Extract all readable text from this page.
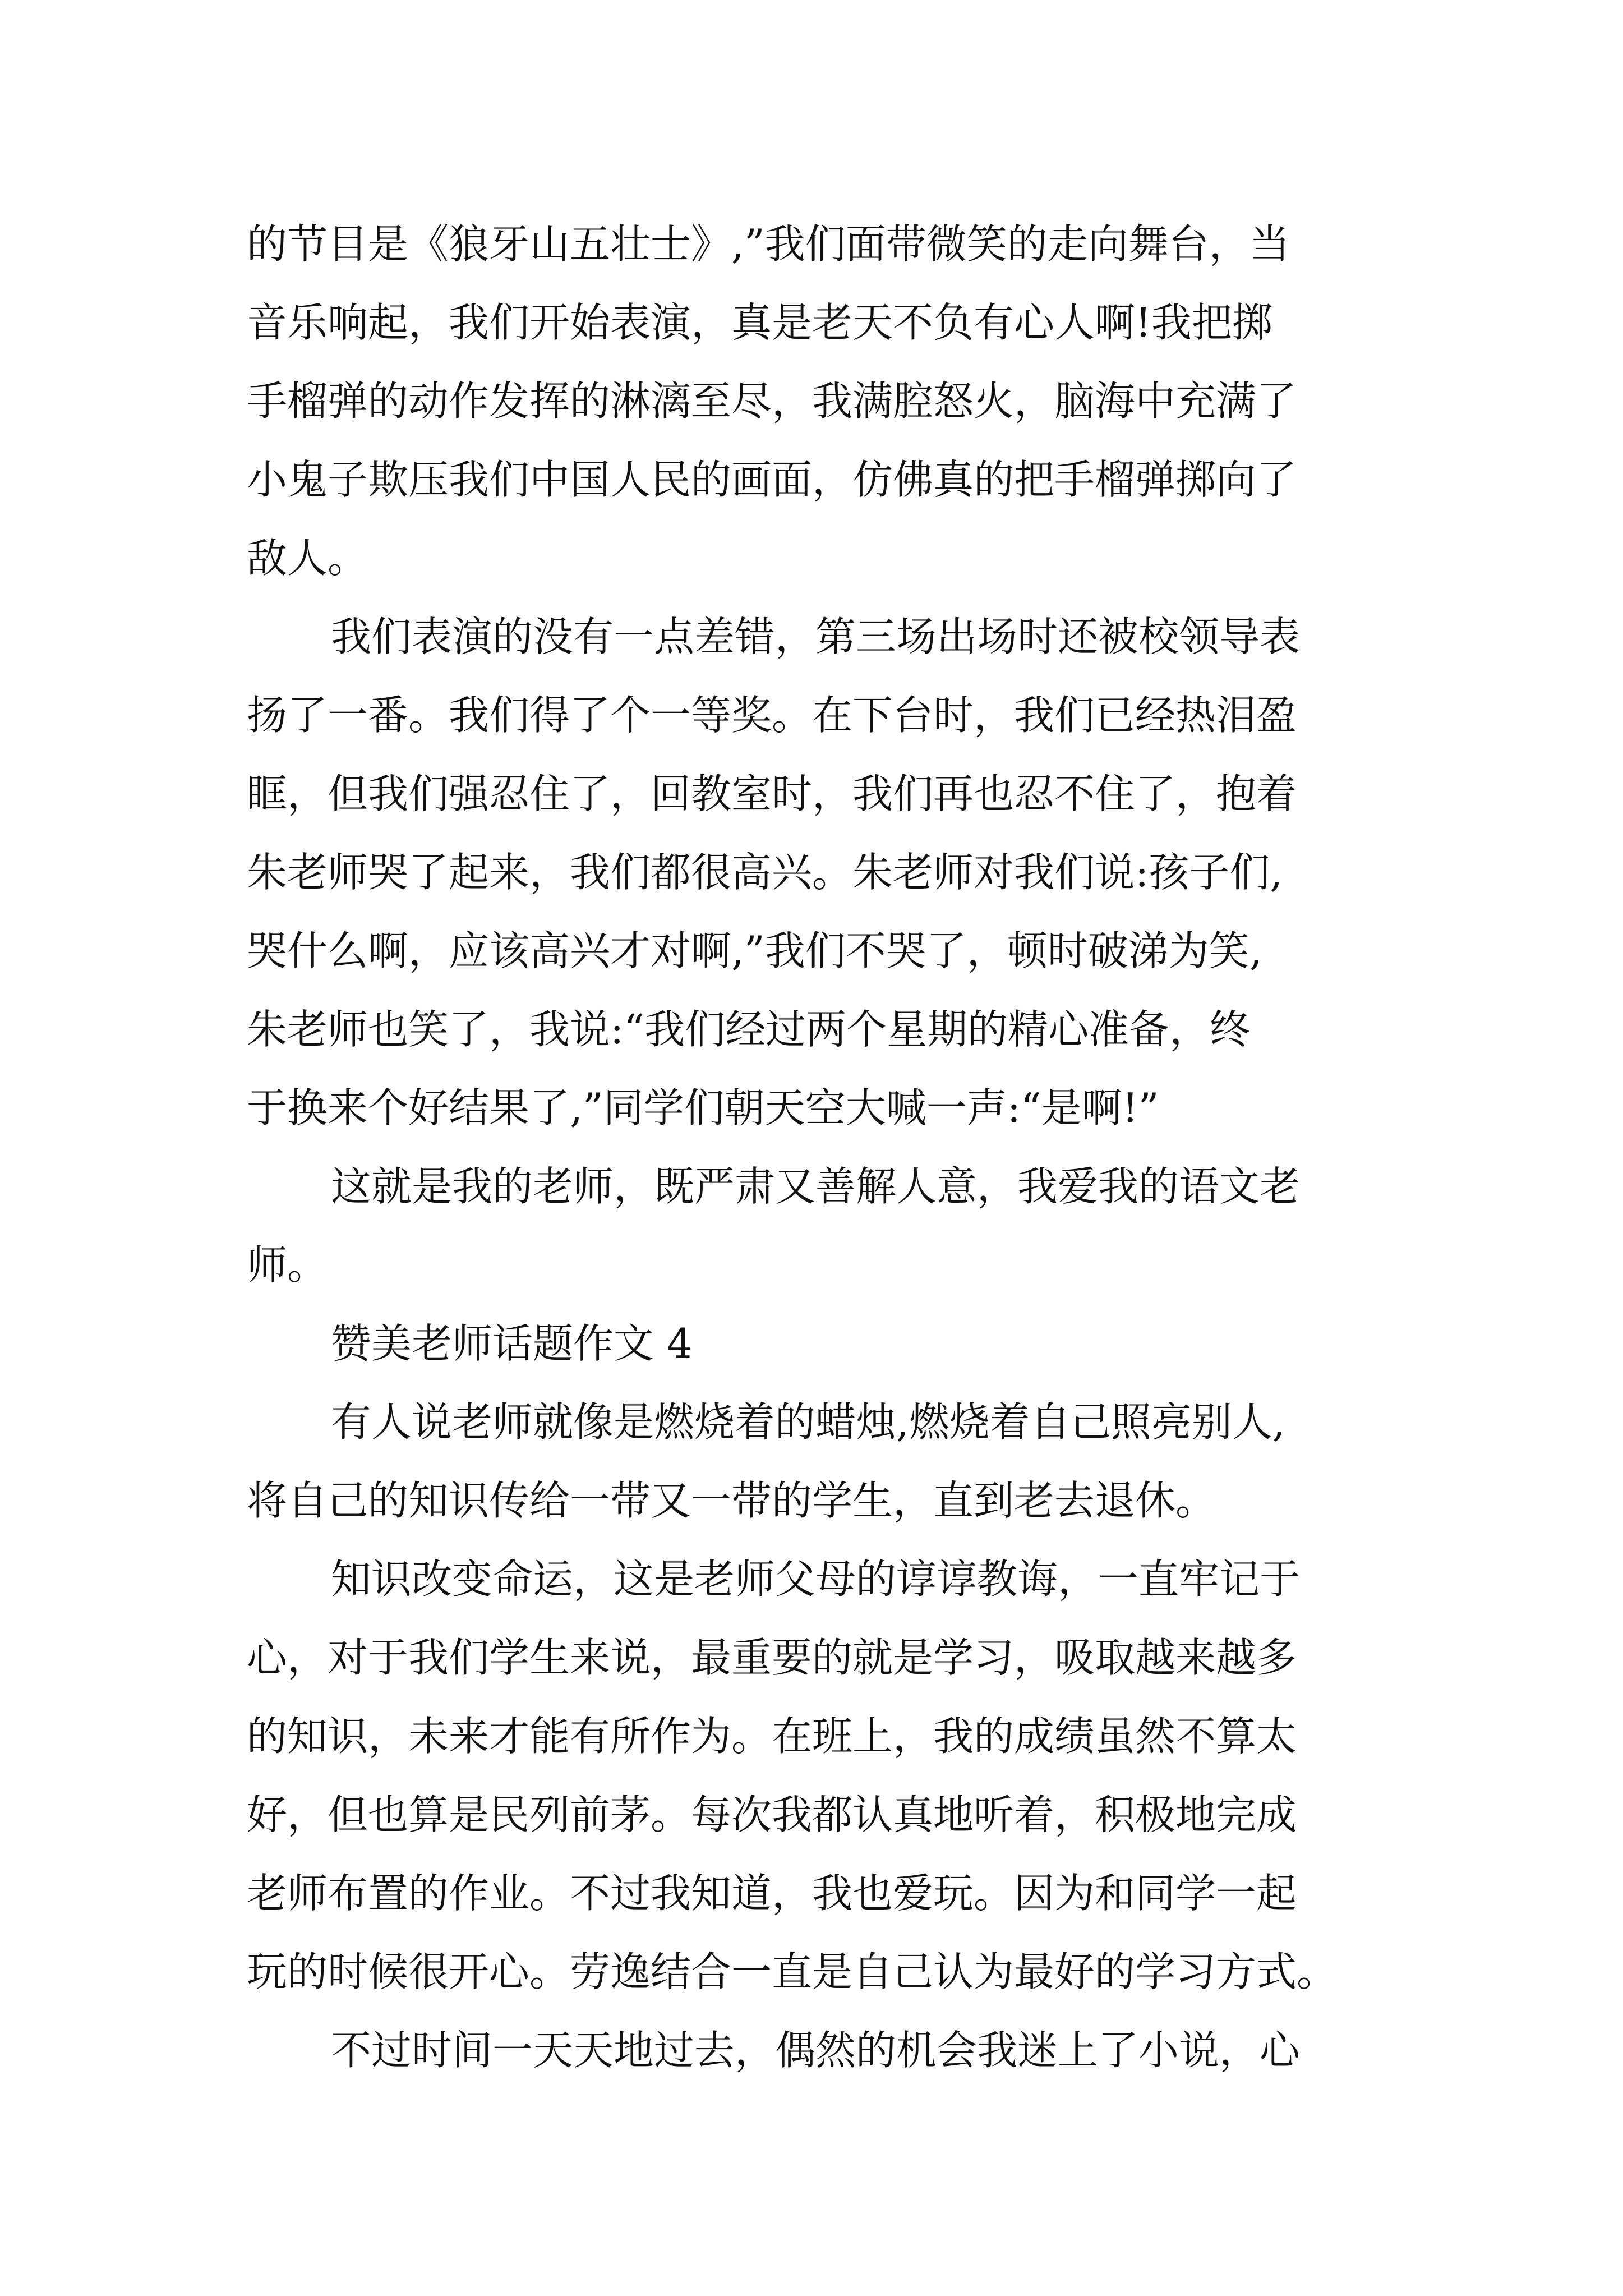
的节目是《狼牙山五壮士》,”我们面带微笑的走向舞台，当

音乐响起，我们开始表演，真是老天不负有心人啊!我把掷

手榴弹的动作发挥的淋漓至尽，我满腔怒火，脑海中充满了

小鬼子欺压我们中国人民的画面，仿佛真的把手榴弹掷向了

敌人。

我们表演的没有一点差错，第三场出场时还被校领导表

扬了一番。我们得了个一等奖。在下台时，我们已经热泪盈

眶，但我们强忍住了，回教室时，我们再也忍不住了，抱着

朱老师哭了起来，我们都很高兴。朱老师对我们说:孩子们,

哭什么啊，应该高兴才对啊,”我们不哭了，顿时破涕为笑,

朱老师也笑了，我说:“我们经过两个星期的精心准备，终

于换来个好结果了,”同学们朝天空大喊一声:“是啊!”

这就是我的老师，既严肃又善解人意，我爱我的语文老

师。

赞美老师话题作文 4

有人说老师就像是燃烧着的蜡烛,燃烧着自己照亮别人,

将自己的知识传给一带又一带的学生，直到老去退休。

知识改变命运，这是老师父母的谆谆教诲，一直牢记于

心，对于我们学生来说，最重要的就是学习，吸取越来越多

的知识，未来才能有所作为。在班上，我的成绩虽然不算太

好，但也算是民列前茅。每次我都认真地听着，积极地完成

老师布置的作业。不过我知道，我也爱玩。因为和同学一起

玩的时候很开心。劳逸结合一直是自己认为最好的学习方式。

不过时间一天天地过去，偶然的机会我迷上了小说，心
